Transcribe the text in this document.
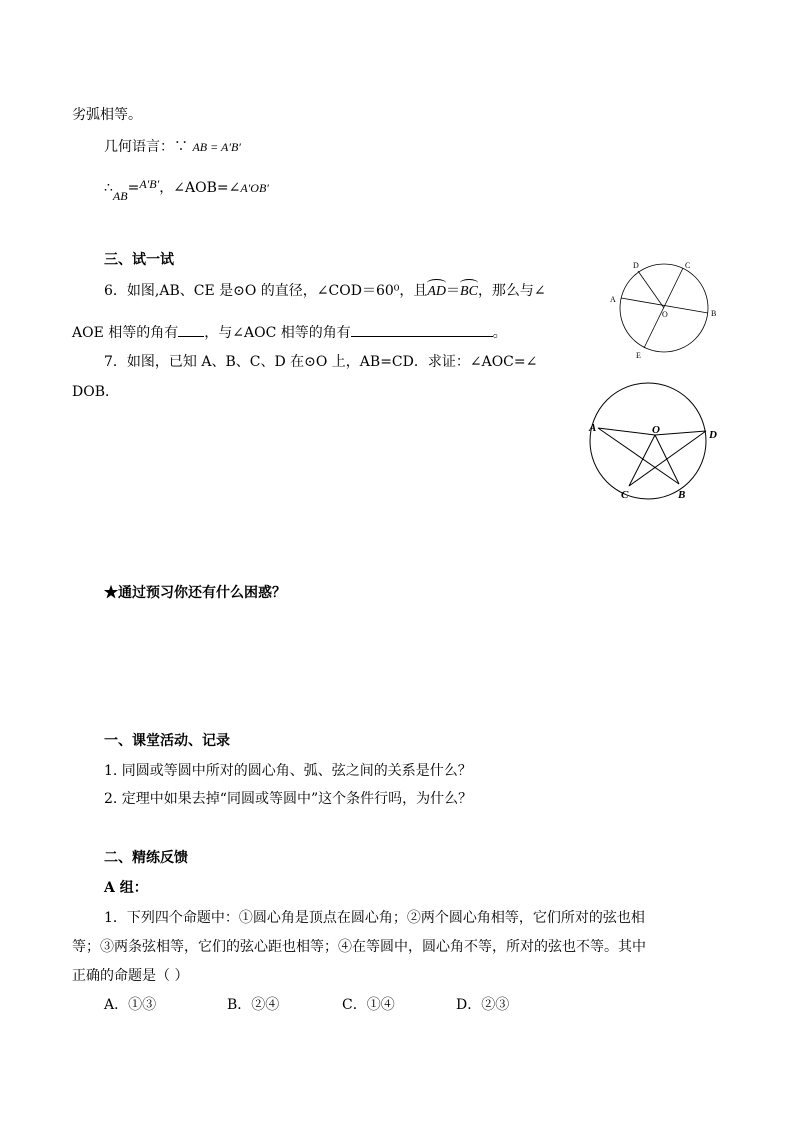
劣弧相等。
几何语言：∵ AB = A′B′
∴AB=A′B′，∠AOB=∠A′OB′
三、试一试
6．如图,AB、CE 是⊙O 的直径，∠COD＝60⁰，且AD＝BC，那么与∠
AOE 相等的角有 ，与∠AOC 相等的角有	。
7．如图，已知 A、B、C、D 在⊙O 上，AB=CD．求证：∠AOC=∠
DOB．
D	C
A
O	B
E
A	O	D
C	B
★通过预习你还有什么困惑？
一、课堂活动、记录
1. 同圆或等圆中所对的圆心角、弧、弦之间的关系是什么？
2. 定理中如果去掉“同圆或等圆中”这个条件行吗，为什么？
二、精练反馈
A 组：
1．下列四个命题中：①圆心角是顶点在圆心角；②两个圆心角相等，它们所对的弦也相
等；③两条弦相等，它们的弦心距也相等；④在等圆中，圆心角不等，所对的弦也不等。其中
正确的命题是（ ）
A．①③	B．②④	C．①④	D．②③
